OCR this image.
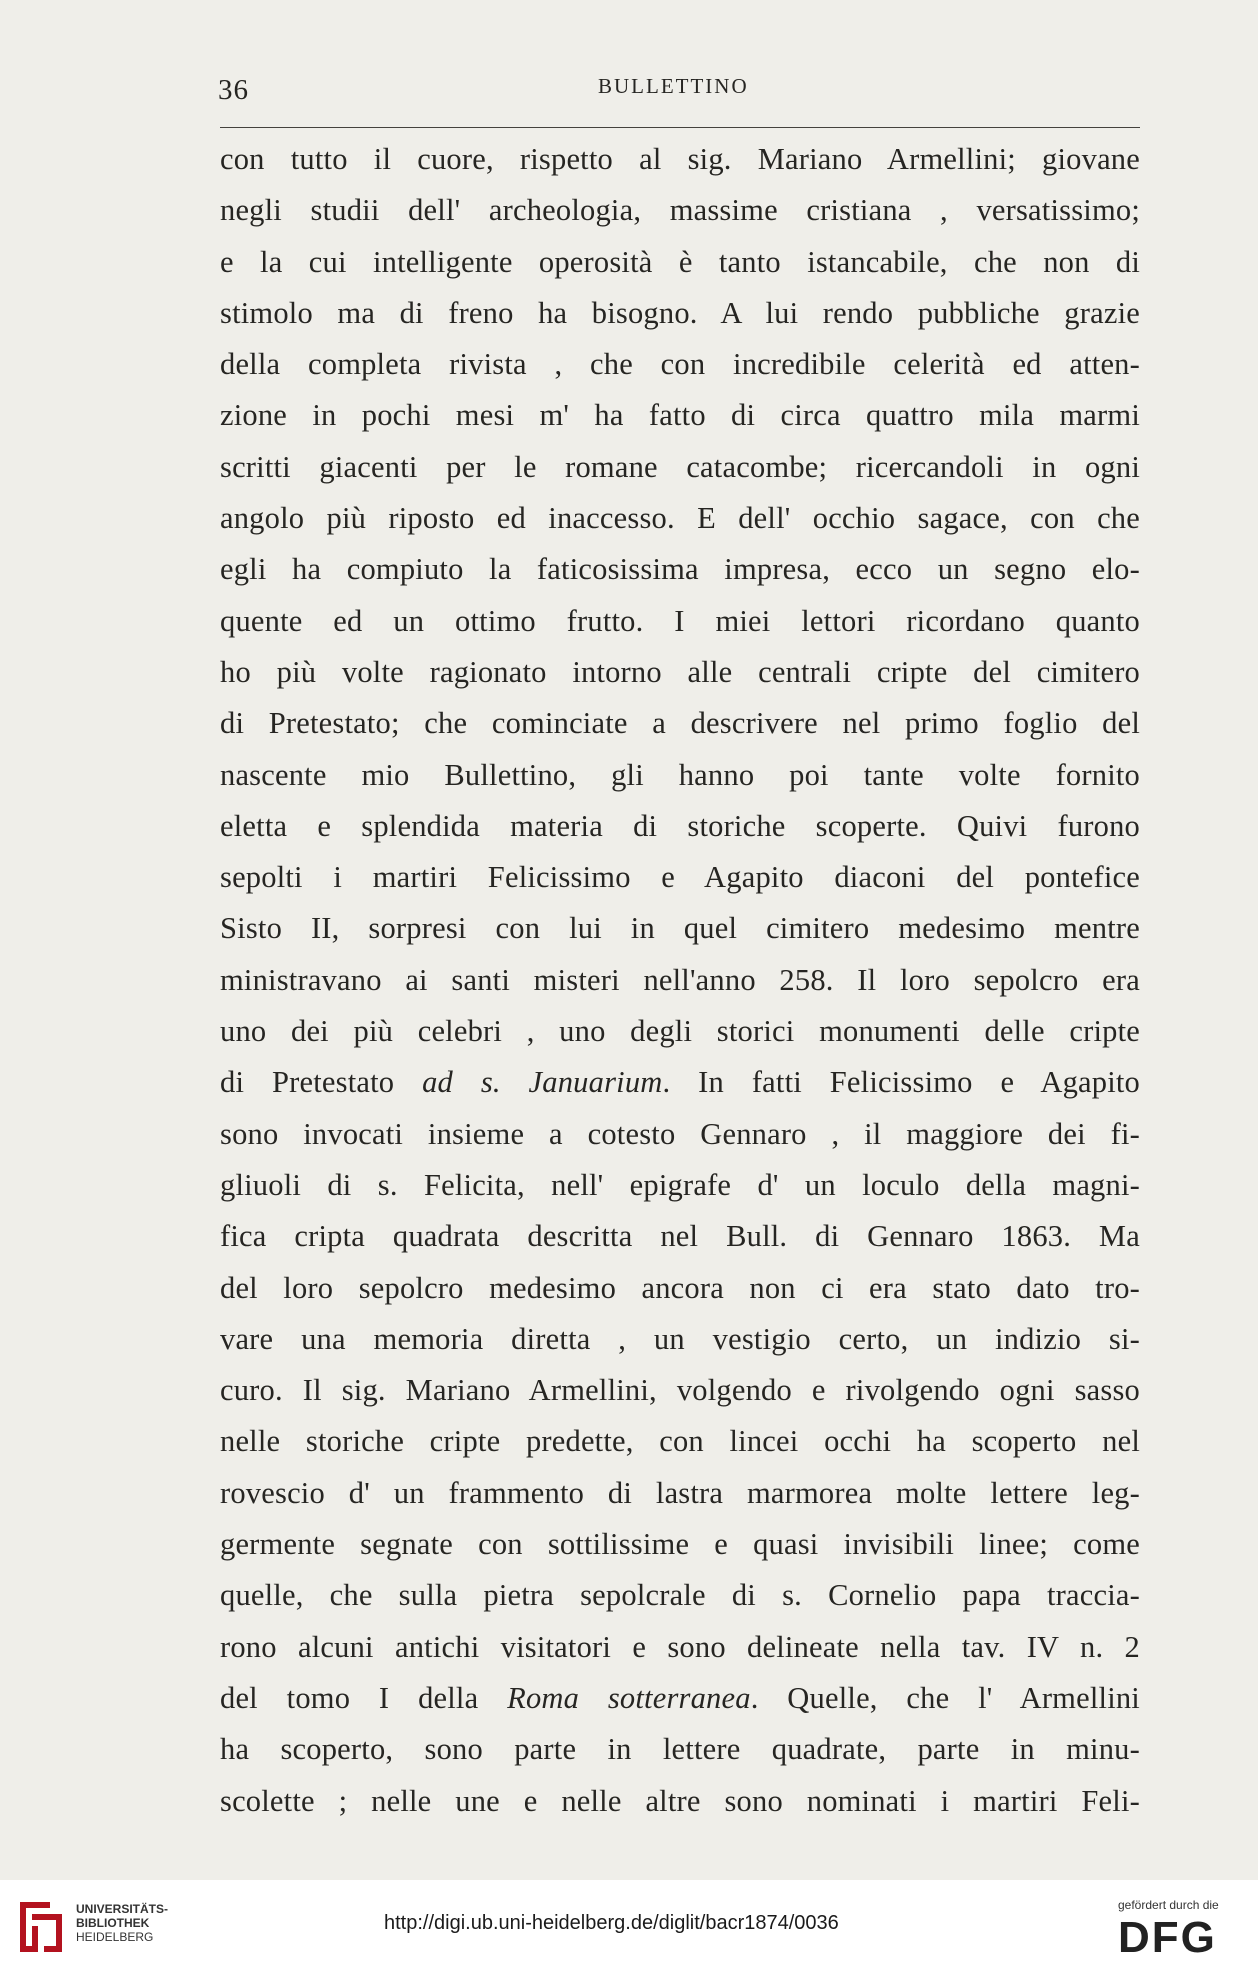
36	BULLETTINO
con tutto il cuore, rispetto al sig. Mariano Armellini; giovane
negli studii dell' archeologia, massime cristiana , versatissimo;
e la cui intelligente operosità è tanto istancabile, che non di
stimolo ma di freno ha bisogno. A lui rendo pubbliche grazie
della completa rivista , che con incredibile celerità ed atten-
zione in pochi mesi m' ha fatto di circa quattro mila marmi
scritti giacenti per le romane catacombe; ricercandoli in ogni
angolo più riposto ed inaccesso. E dell' occhio sagace, con che
egli ha compiuto la faticosissima impresa, ecco un segno elo-
quente ed un ottimo frutto. I miei lettori ricordano quanto
ho più volte ragionato intorno alle centrali cripte del cimitero
di Pretestato; che cominciate a descrivere nel primo foglio del
nascente mio Bullettino, gli hanno poi tante volte fornito
eletta e splendida materia di storiche scoperte. Quivi furono
sepolti i martiri Felicissimo e Agapito diaconi del pontefice
Sisto II, sorpresi con lui in quel cimitero medesimo mentre
ministravano ai santi misteri nell'anno 258. Il loro sepolcro era
uno dei più celebri , uno degli storici monumenti delle cripte
di Pretestato ad s. Januarium. In fatti Felicissimo e Agapito
sono invocati insieme a cotesto Gennaro , il maggiore dei fi-
gliuoli di s. Felicita, nell' epigrafe d' un loculo della magni-
fica cripta quadrata descritta nel Bull. di Gennaro 1863. Ma
del loro sepolcro medesimo ancora non ci era stato dato tro-
vare una memoria diretta , un vestigio certo, un indizio si-
curo. Il sig. Mariano Armellini, volgendo e rivolgendo ogni sasso
nelle storiche cripte predette, con lincei occhi ha scoperto nel
rovescio d' un frammento di lastra marmorea molte lettere leg-
germente segnate con sottilissime e quasi invisibili linee; come
quelle, che sulla pietra sepolcrale di s. Cornelio papa traccia-
rono alcuni antichi visitatori e sono delineate nella tav. IV n. 2
del tomo I della Roma sotterranea. Quelle, che l' Armellini
ha scoperto, sono parte in lettere quadrate, parte in minu-
scolette ; nelle une e nelle altre sono nominati i martiri Feli-
UNIVERSITÄTS-
BIBLIOTHEK
HEIDELBERG
http://digi.ub.uni-heidelberg.de/diglit/bacr1874/0036
gefördert durch die
DFG
